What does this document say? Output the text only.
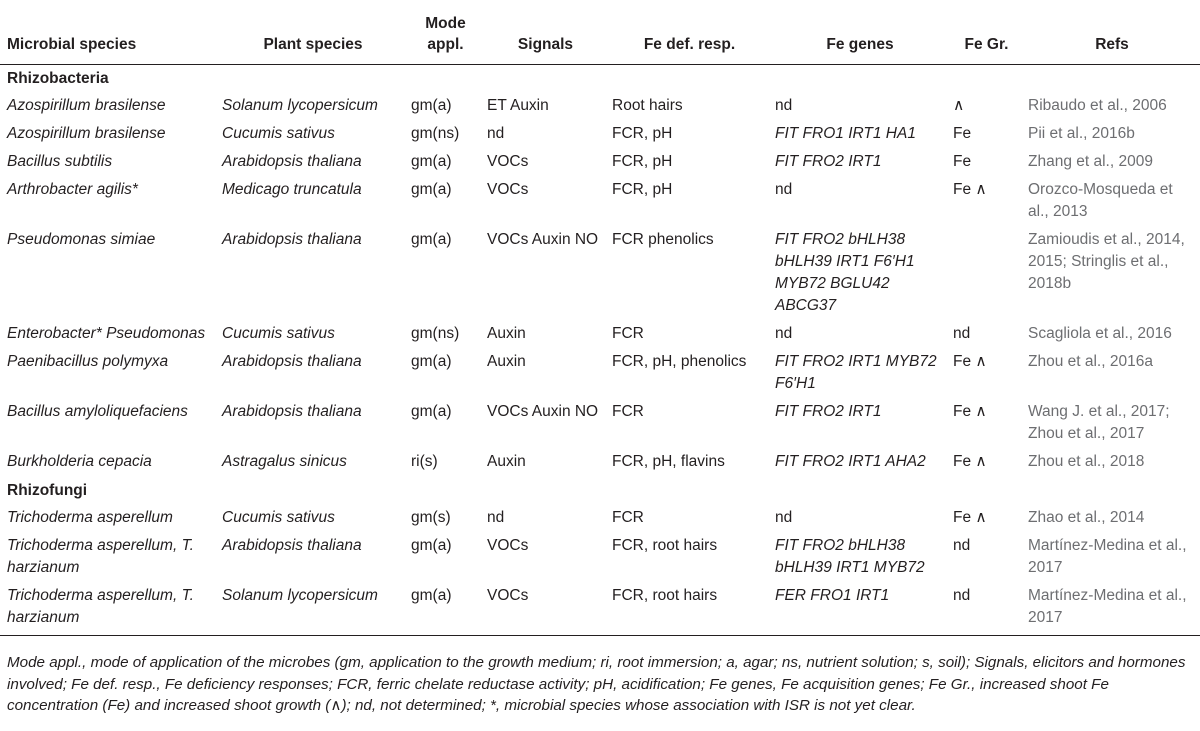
Microbial species	Plant species	Mode appl.	Signals	Fe def. resp.	Fe genes	Fe Gr.	Refs
Rhizobacteria							
Azospirillum brasilense	Solanum lycopersicum	gm(a)	ET Auxin	Root hairs	nd	∧	Ribaudo et al., 2006
Azospirillum brasilense	Cucumis sativus	gm(ns)	nd	FCR, pH	FIT FRO1 IRT1 HA1	Fe	Pii et al., 2016b
Bacillus subtilis	Arabidopsis thaliana	gm(a)	VOCs	FCR, pH	FIT FRO2 IRT1	Fe	Zhang et al., 2009
Arthrobacter agilis*	Medicago truncatula	gm(a)	VOCs	FCR, pH	nd	Fe ∧	Orozco-Mosqueda et al., 2013
Pseudomonas simiae	Arabidopsis thaliana	gm(a)	VOCs Auxin NO	FCR phenolics	FIT FRO2 bHLH38 bHLH39 IRT1 F6′H1 MYB72 BGLU42 ABCG37		Zamioudis et al., 2014, 2015; Stringlis et al., 2018b
Enterobacter* Pseudomonas	Cucumis sativus	gm(ns)	Auxin	FCR	nd	nd	Scagliola et al., 2016
Paenibacillus polymyxa	Arabidopsis thaliana	gm(a)	Auxin	FCR, pH, phenolics	FIT FRO2 IRT1 MYB72 F6′H1	Fe ∧	Zhou et al., 2016a
Bacillus amyloliquefaciens	Arabidopsis thaliana	gm(a)	VOCs Auxin NO	FCR	FIT FRO2 IRT1	Fe ∧	Wang J. et al., 2017; Zhou et al., 2017
Burkholderia cepacia	Astragalus sinicus	ri(s)	Auxin	FCR, pH, flavins	FIT FRO2 IRT1 AHA2	Fe ∧	Zhou et al., 2018
Rhizofungi							
Trichoderma asperellum	Cucumis sativus	gm(s)	nd	FCR	nd	Fe ∧	Zhao et al., 2014
Trichoderma asperellum, T. harzianum	Arabidopsis thaliana	gm(a)	VOCs	FCR, root hairs	FIT FRO2 bHLH38 bHLH39 IRT1 MYB72	nd	Martínez-Medina et al., 2017
Trichoderma asperellum, T. harzianum	Solanum lycopersicum	gm(a)	VOCs	FCR, root hairs	FER FRO1 IRT1	nd	Martínez-Medina et al., 2017
Mode appl., mode of application of the microbes (gm, application to the growth medium; ri, root immersion; a, agar; ns, nutrient solution; s, soil); Signals, elicitors and hormones involved; Fe def. resp., Fe deficiency responses; FCR, ferric chelate reductase activity; pH, acidification; Fe genes, Fe acquisition genes; Fe Gr., increased shoot Fe concentration (Fe) and increased shoot growth (∧); nd, not determined; *, microbial species whose association with ISR is not yet clear.
